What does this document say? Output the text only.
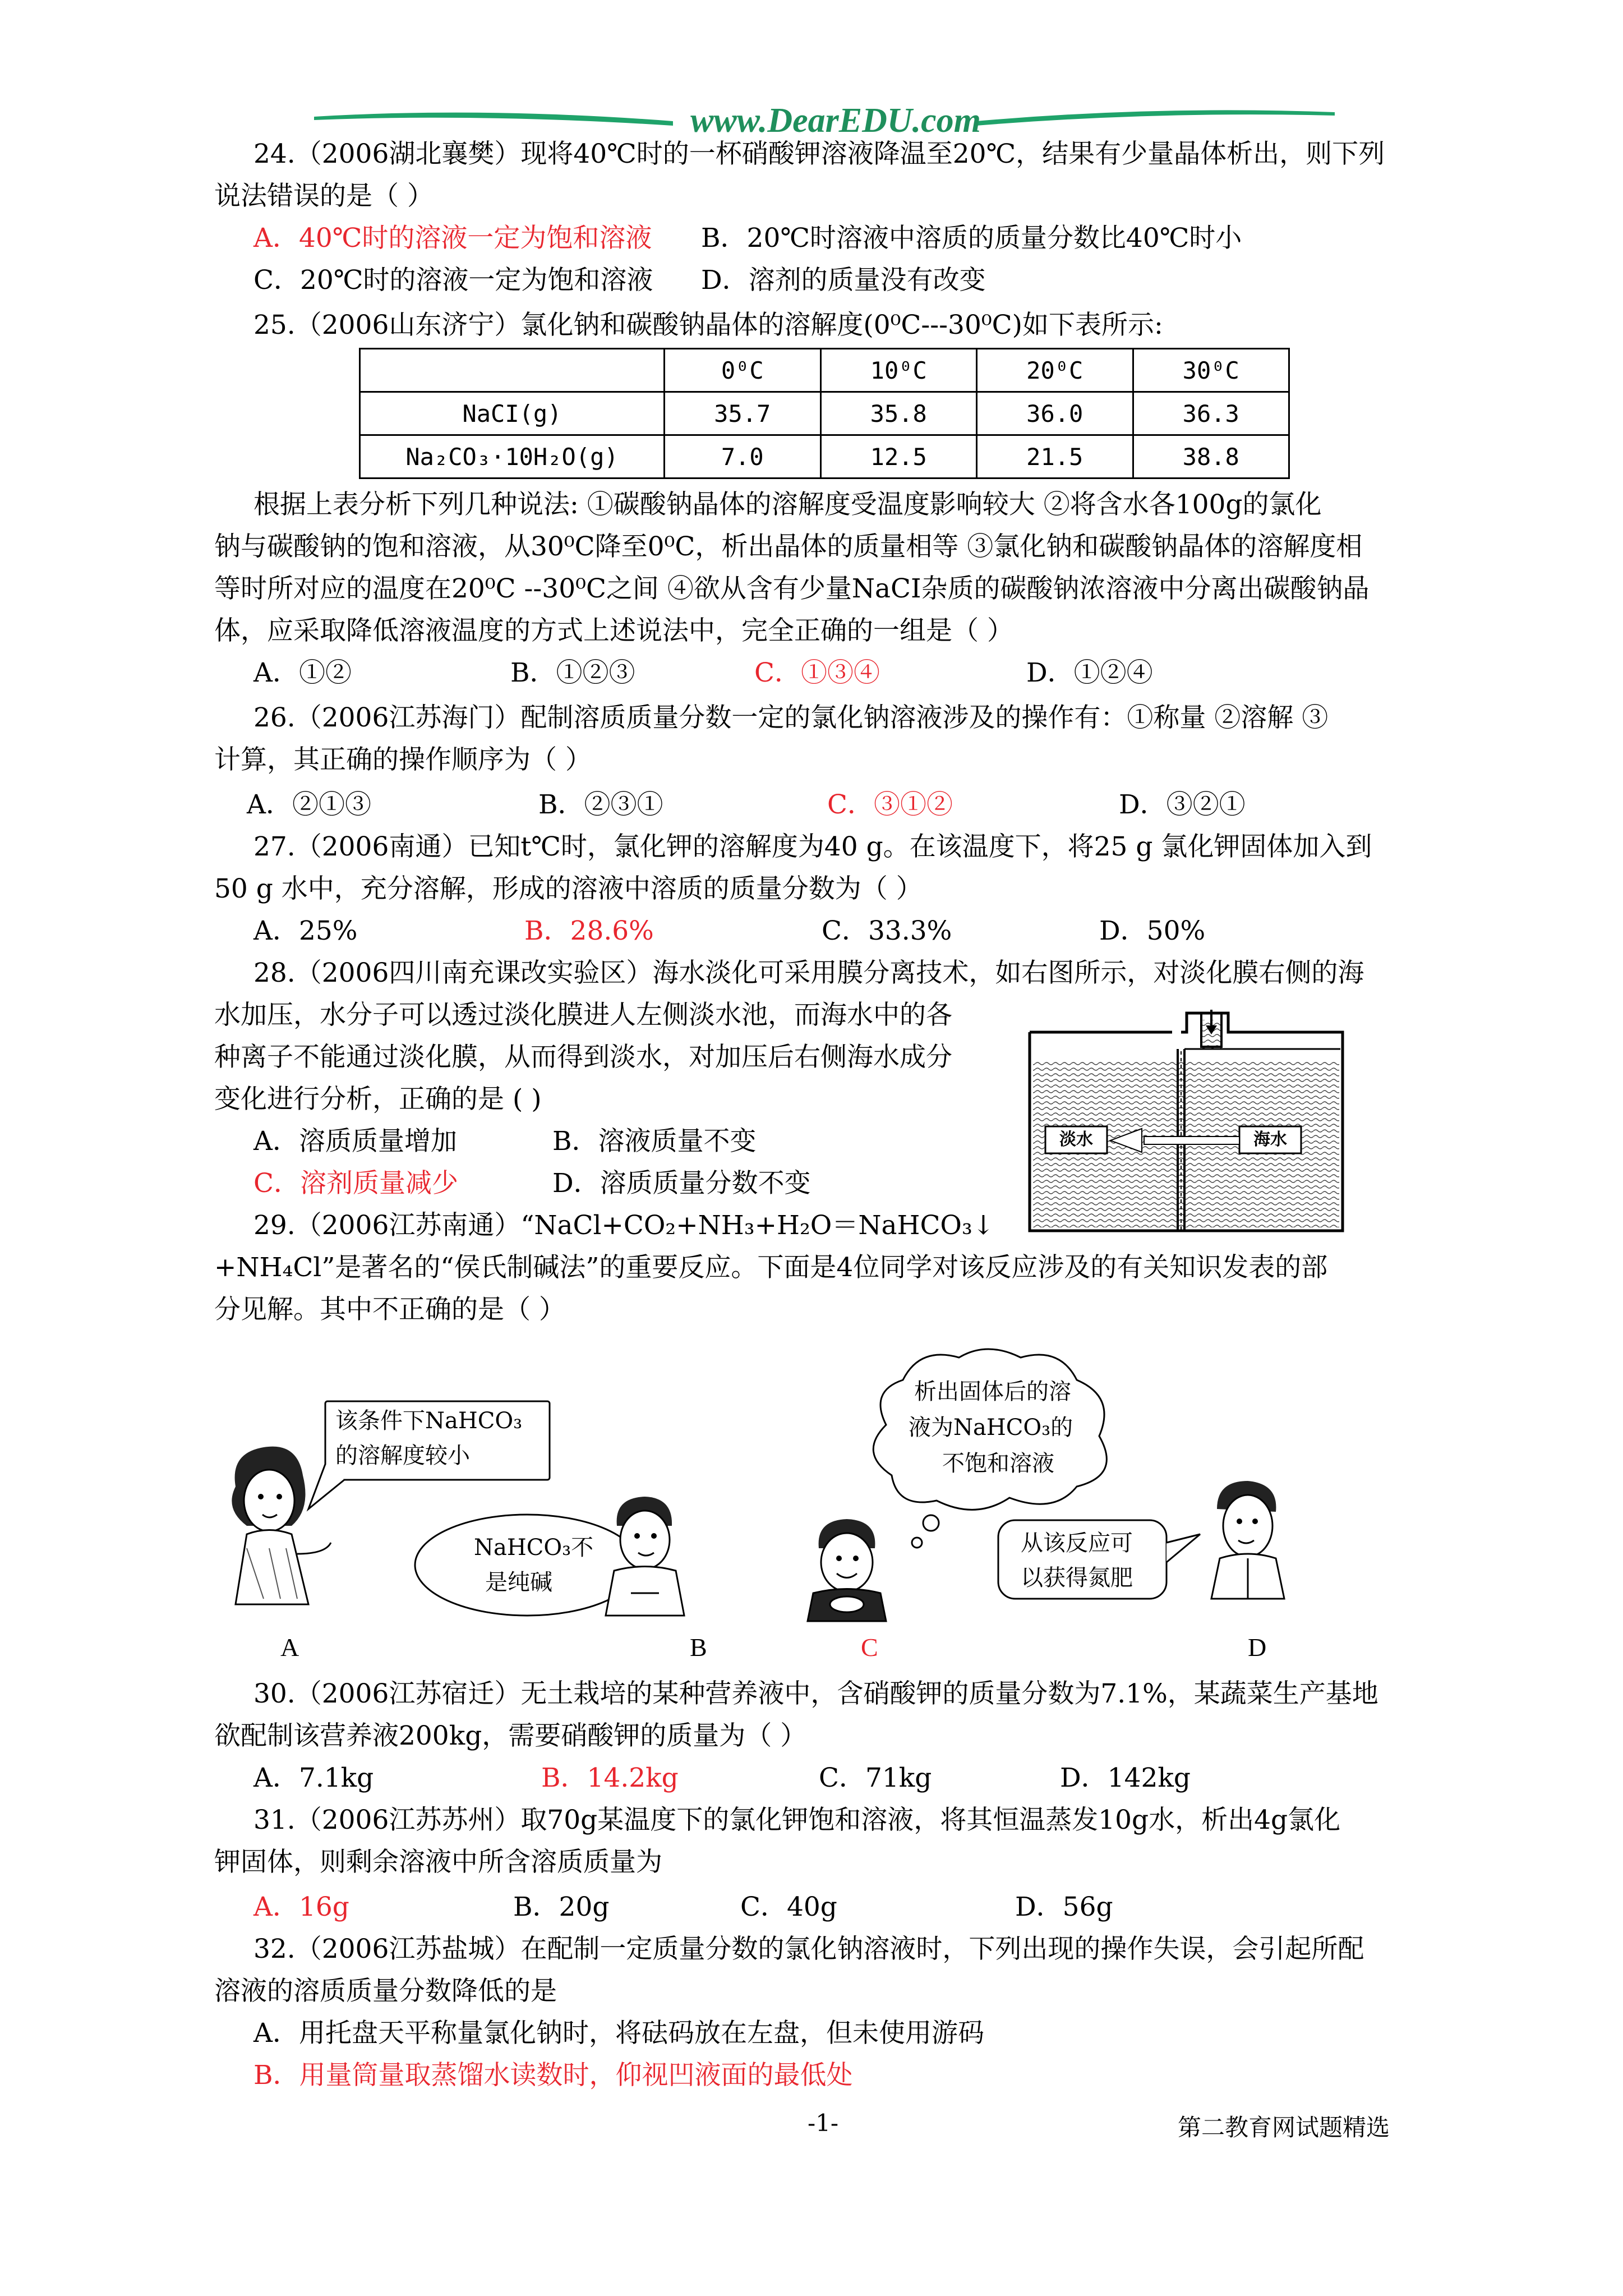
www.DearEDU.com
24.（2006湖北襄樊）现将40℃时的一杯硝酸钾溶液降温至20℃，结果有少量晶体析出，则下列
说法错误的是（ ）
A．40℃时的溶液一定为饱和溶液 B．20℃时溶液中溶质的质量分数比40℃时小
C．20℃时的溶液一定为饱和溶液 D．溶剂的质量没有改变
25.（2006山东济宁）氯化钠和碳酸钠晶体的溶解度(0⁰C---30⁰C)如下表所示:
	0⁰C	10⁰C	20⁰C	30⁰C
NaCI(g)	35.7	35.8	36.0	36.3
Na₂CO₃·10H₂O(g)	7.0	12.5	21.5	38.8
根据上表分析下列几种说法: ①碳酸钠晶体的溶解度受温度影响较大 ②将含水各100g的氯化
钠与碳酸钠的饱和溶液，从30⁰C降至0⁰C，析出晶体的质量相等 ③氯化钠和碳酸钠晶体的溶解度相
等时所对应的温度在20⁰C --30⁰C之间 ④欲从含有少量NaCI杂质的碳酸钠浓溶液中分离出碳酸钠晶
体，应采取降低溶液温度的方式上述说法中，完全正确的一组是（ ）
A．①②	B．①②③	C．①③④	D．①②④
26.（2006江苏海门）配制溶质质量分数一定的氯化钠溶液涉及的操作有：①称量 ②溶解 ③
计算，其正确的操作顺序为（ ）
A．②①③	B．②③①	C．③①②	D．③②①
27.（2006南通）已知t℃时，氯化钾的溶解度为40 g。在该温度下，将25 g 氯化钾固体加入到
50 g 水中，充分溶解，形成的溶液中溶质的质量分数为（ ）
A．25%	B．28.6%	C．33.3%	D．50%
28.（2006四川南充课改实验区）海水淡化可采用膜分离技术，如右图所示，对淡化膜右侧的海
水加压，水分子可以透过淡化膜进人左侧淡水池，而海水中的各
种离子不能通过淡化膜，从而得到淡水，对加压后右侧海水成分
变化进行分析，正确的是 ( )
A．溶质质量增加	B．溶液质量不变
C．溶剂质量减少	D．溶质质量分数不变
淡水	海水
29.（2006江苏南通）“NaCl+CO₂+NH₃+H₂O＝NaHCO₃↓
+NH₄Cl”是著名的“侯氏制碱法”的重要反应。下面是4位同学对该反应涉及的有关知识发表的部
分见解。其中不正确的是（ ）
该条件下NaHCO₃
的溶解度较小
NaHCO₃不
是纯碱
析出固体后的溶
液为NaHCO₃的
不饱和溶液
从该反应可
以获得氮肥
A	B	C	D
30.（2006江苏宿迁）无土栽培的某种营养液中，含硝酸钾的质量分数为7.1%，某蔬菜生产基地
欲配制该营养液200kg，需要硝酸钾的质量为（ ）
A．7.1kg	B．14.2kg	C．71kg	D．142kg
31.（2006江苏苏州）取70g某温度下的氯化钾饱和溶液，将其恒温蒸发10g水，析出4g氯化
钾固体，则剩余溶液中所含溶质质量为
A．16g	B．20g	C．40g	D．56g
32.（2006江苏盐城）在配制一定质量分数的氯化钠溶液时，下列出现的操作失误，会引起所配
溶液的溶质质量分数降低的是
A．用托盘天平称量氯化钠时，将砝码放在左盘，但未使用游码
B．用量筒量取蒸馏水读数时，仰视凹液面的最低处
-1-	第二教育网试题精选
